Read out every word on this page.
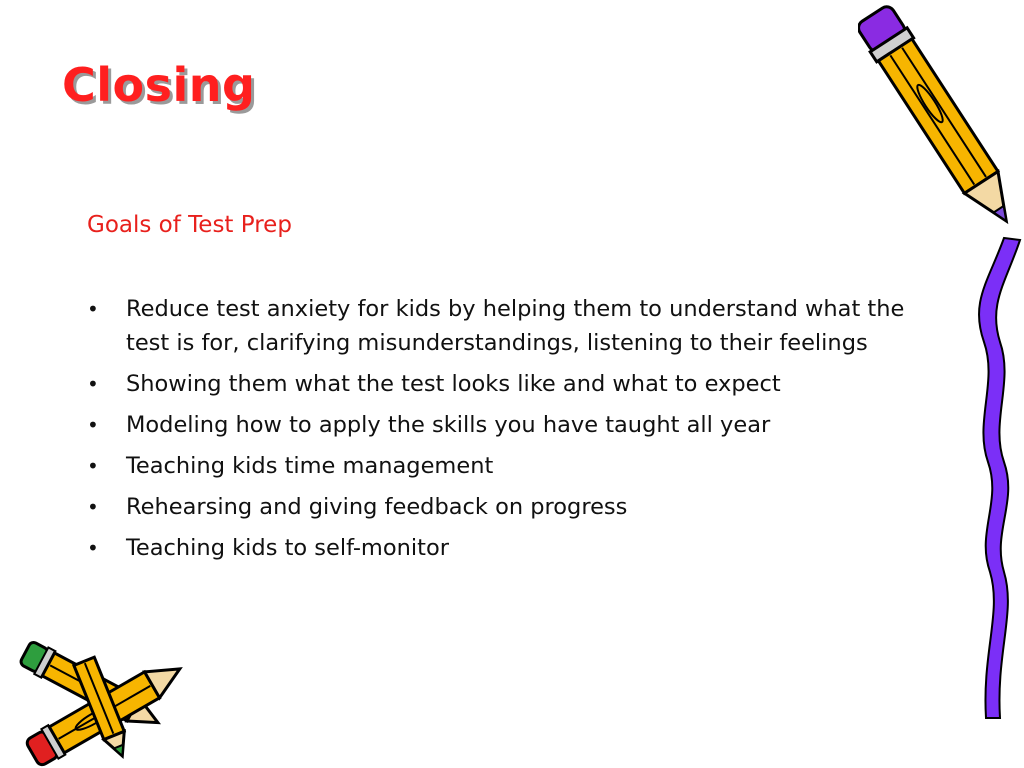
Closing
Goals of Test Prep
•	Reduce test anxiety for kids by helping them to understand what the test is for, clarifying misunderstandings, listening to their feelings
•	Showing them what the test looks like and what to expect
•	Modeling how to apply the skills you have taught all year
•	Teaching kids time management
•	Rehearsing and giving feedback on progress
•	Teaching kids to self-monitor
